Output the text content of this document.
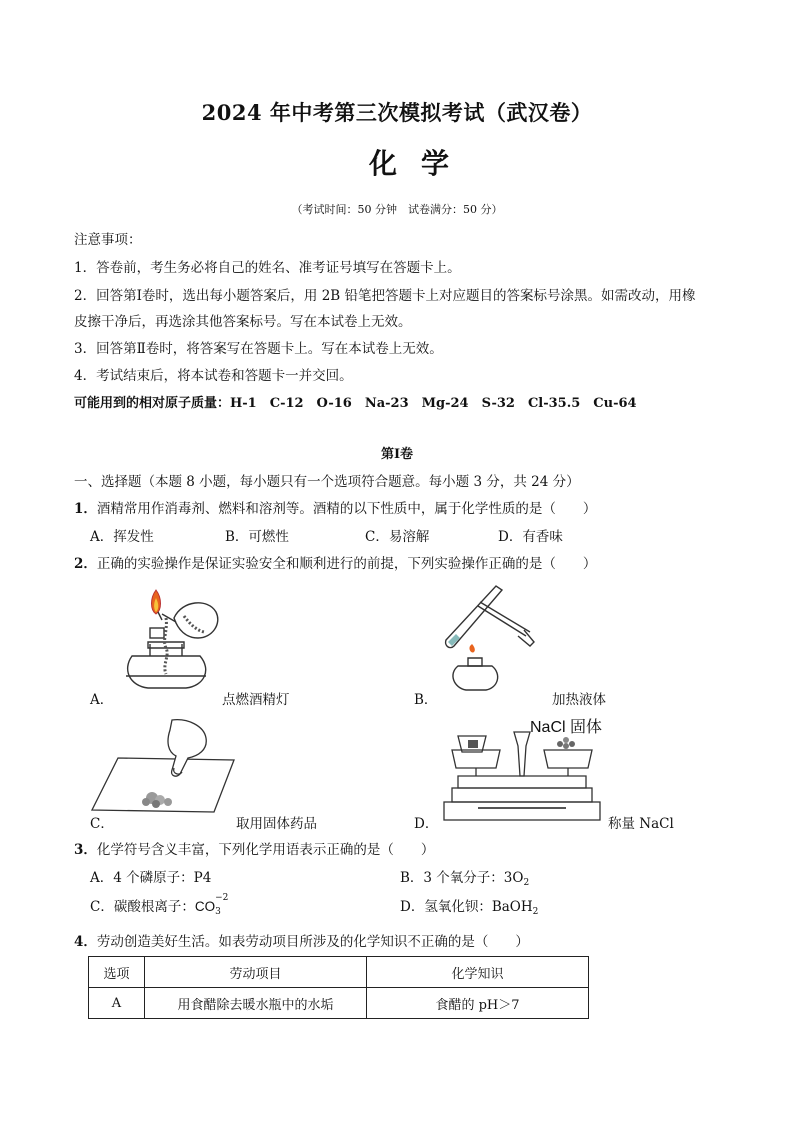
2024 年中考第三次模拟考试（武汉卷）
化学
（考试时间：50 分钟　试卷满分：50 分）
注意事项：
1．答卷前，考生务必将自己的姓名、准考证号填写在答题卡上。
2．回答第Ⅰ卷时，选出每小题答案后，用 2B 铅笔把答题卡上对应题目的答案标号涂黑。如需改动，用橡
皮擦干净后，再选涂其他答案标号。写在本试卷上无效。
3．回答第Ⅱ卷时，将答案写在答题卡上。写在本试卷上无效。
4．考试结束后，将本试卷和答题卡一并交回。
可能用到的相对原子质量：H-1　C-12　O-16　Na-23　Mg-24　S-32　Cl-35.5　Cu-64
第Ⅰ卷
一、选择题（本题 8 小题，每小题只有一个选项符合题意。每小题 3 分，共 24 分）
1．酒精常用作消毒剂、燃料和溶剂等。酒精的以下性质中，属于化学性质的是（　　）
A．挥发性	B．可燃性	C．易溶解	D．有香味
2．正确的实验操作是保证实验安全和顺利进行的前提，下列实验操作正确的是（　　）
A．	点燃酒精灯	B．	加热液体
C．	取用固体药品
NaCl 固体
D．	称量 NaCl
3．化学符号含义丰富，下列化学用语表示正确的是（　　）
A．4 个磷原子：P4	B．3 个氧分子：$3O_2$
C．碳酸根离子：CO
−2
3	D．氢氧化钡：BaOH$_2$
4．劳动创造美好生活。如表劳动项目所涉及的化学知识不正确的是（　　）
选项	劳动项目	化学知识
A	用食醋除去暖水瓶中的水垢	食醋的 pH＞7
